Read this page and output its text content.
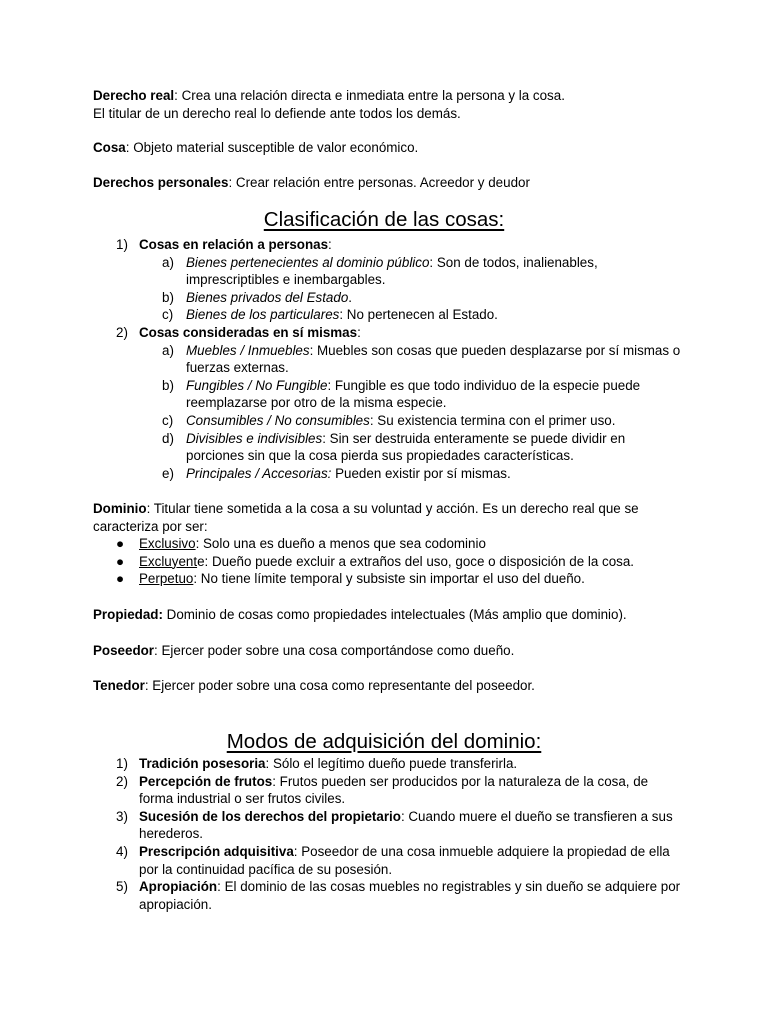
Derecho real: Crea una relación directa e inmediata entre la persona y la cosa.
El titular de un derecho real lo defiende ante todos los demás.

Cosa: Objeto material susceptible de valor económico.

Derechos personales: Crear relación entre personas. Acreedor y deudor

Clasificación de las cosas:
1) Cosas en relación a personas:
a) Bienes pertenecientes al dominio público: Son de todos, inalienables, imprescriptibles e inembargables.
b) Bienes privados del Estado.
c) Bienes de los particulares: No pertenecen al Estado.
2) Cosas consideradas en sí mismas:
a) Muebles / Inmuebles: Muebles son cosas que pueden desplazarse por sí mismas o fuerzas externas.
b) Fungibles / No Fungible: Fungible es que todo individuo de la especie puede reemplazarse por otro de la misma especie.
c) Consumibles / No consumibles: Su existencia termina con el primer uso.
d) Divisibles e indivisibles: Sin ser destruida enteramente se puede dividir en porciones sin que la cosa pierda sus propiedades características.
e) Principales / Accesorias: Pueden existir por sí mismas.

Dominio: Titular tiene sometida a la cosa a su voluntad y acción. Es un derecho real que se caracteriza por ser:

● Exclusivo: Solo una es dueño a menos que sea codominio
● Excluyente: Dueño puede excluir a extraños del uso, goce o disposición de la cosa.
● Perpetuo: No tiene límite temporal y subsiste sin importar el uso del dueño.

Propiedad: Dominio de cosas como propiedades intelectuales (Más amplio que dominio).

Poseedor: Ejercer poder sobre una cosa comportándose como dueño.

Tenedor: Ejercer poder sobre una cosa como representante del poseedor.

Modos de adquisición del dominio:
1) Tradición posesoria: Sólo el legítimo dueño puede transferirla.
2) Percepción de frutos: Frutos pueden ser producidos por la naturaleza de la cosa, de forma industrial o ser frutos civiles.
3) Sucesión de los derechos del propietario: Cuando muere el dueño se transfieren a sus herederos.
4) Prescripción adquisitiva: Poseedor de una cosa inmueble adquiere la propiedad de ella por la continuidad pacífica de su posesión.
5) Apropiación: El dominio de las cosas muebles no registrables y sin dueño se adquiere por apropiación.
